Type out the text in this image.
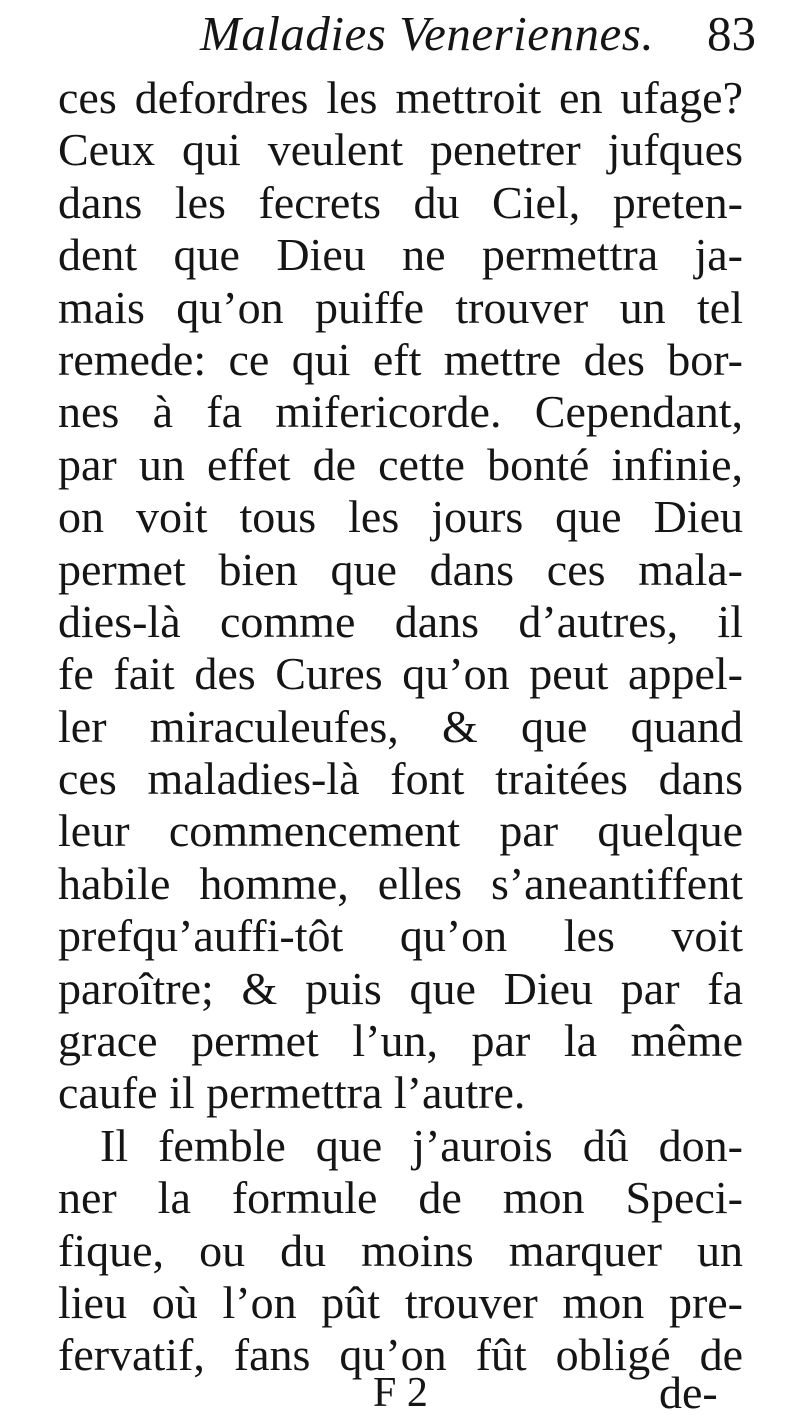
Maladies Veneriennes. 83
ces defordres les mettroit en ufage?
Ceux qui veulent penetrer jufques
dans les fecrets du Ciel, preten-
dent que Dieu ne permettra ja-
mais qu’on puiffe trouver un tel
remede: ce qui eft mettre des bor-
nes à fa mifericorde. Cependant,
par un effet de cette bonté infinie,
on voit tous les jours que Dieu
permet bien que dans ces mala-
dies-là comme dans d’autres, il
fe fait des Cures qu’on peut appel-
ler miraculeufes, & que quand
ces maladies-là font traitées dans
leur commencement par quelque
habile homme, elles s’aneantiffent
prefqu’auffi-tôt qu’on les voit
paroître; & puis que Dieu par fa
grace permet l’un, par la même
caufe il permettra l’autre.
Il femble que j’aurois dû don-
ner la formule de mon Speci-
fique, ou du moins marquer un
lieu où l’on pût trouver mon pre-
fervatif, fans qu’on fût obligé de
F 2	de-
